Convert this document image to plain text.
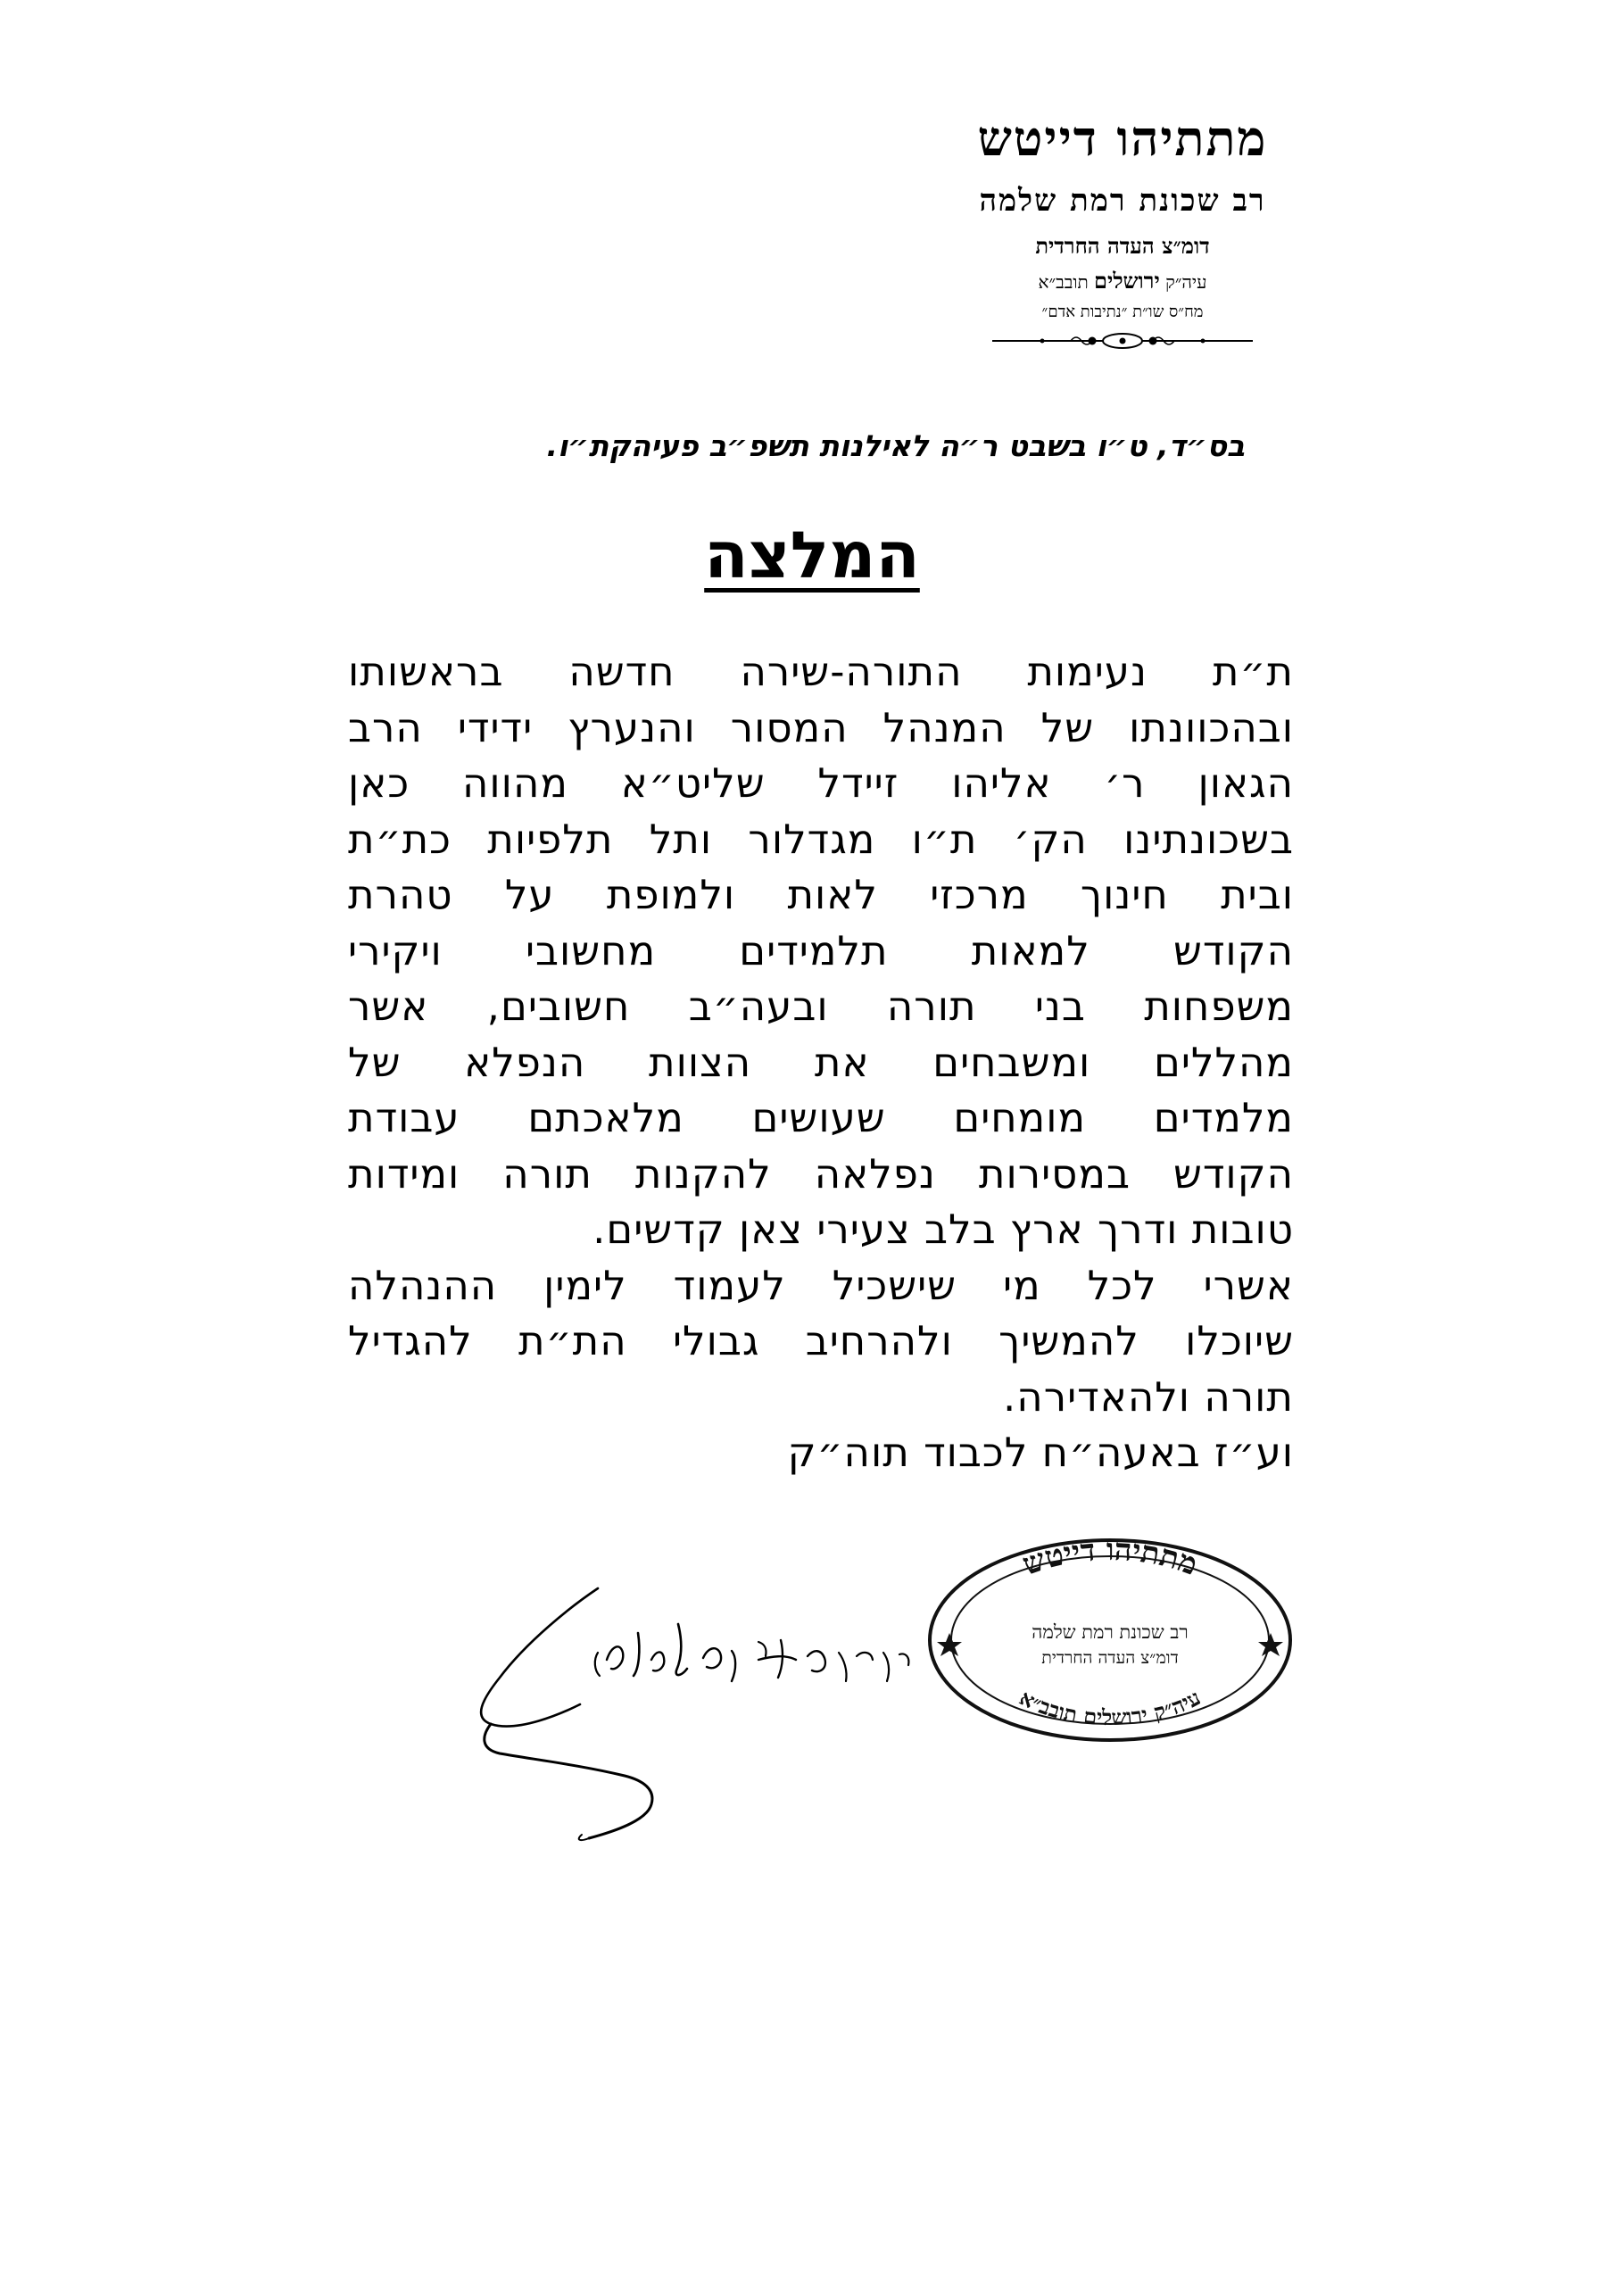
מתתיהו דייטש
רב שכונת רמת שלמה
דומ״צ העדה החרדית
עיה״ק ירושלים תובב״א
מח״ס שו״ת ״נתיבות אדם״
בס״ד, ט״ו בשבט ר״ה לאילנות תשפ״ב פעיהקת״ו.
המלצה
ת״ת נעימות התורה-שירה חדשה בראשותו
ובהכוונתו של המנהל המסור והנערץ ידידי הרב
הגאון ר׳ אליהו זיידל שליט״א מהווה כאן
בשכונתינו הק׳ ת״ו מגדלור ותל תלפיות כת״ת
ובית חינוך מרכזי לאות ולמופת על טהרת
הקודש למאות תלמידים מחשובי ויקירי
משפחות בני תורה ובעה״ב חשובים, אשר
מהללים ומשבחים את הצוות הנפלא של
מלמדים מומחים שעושים מלאכתם עבודת
הקודש במסירות נפלאה להקנות תורה ומידות
טובות ודרך ארץ בלב צעירי צאן קדשים.
אשרי לכל מי שישכיל לעמוד לימין ההנהלה
שיוכלו להמשיך ולהרחיב גבולי הת״ת להגדיל
תורה ולהאדירה.
וע״ז באעה״ח לכבוד תוה״ק
מתתיהו דייטש
רב שכונת רמת שלמה
דומ״צ העדה החרדית
עיה״ק ירושלים תובב״א
